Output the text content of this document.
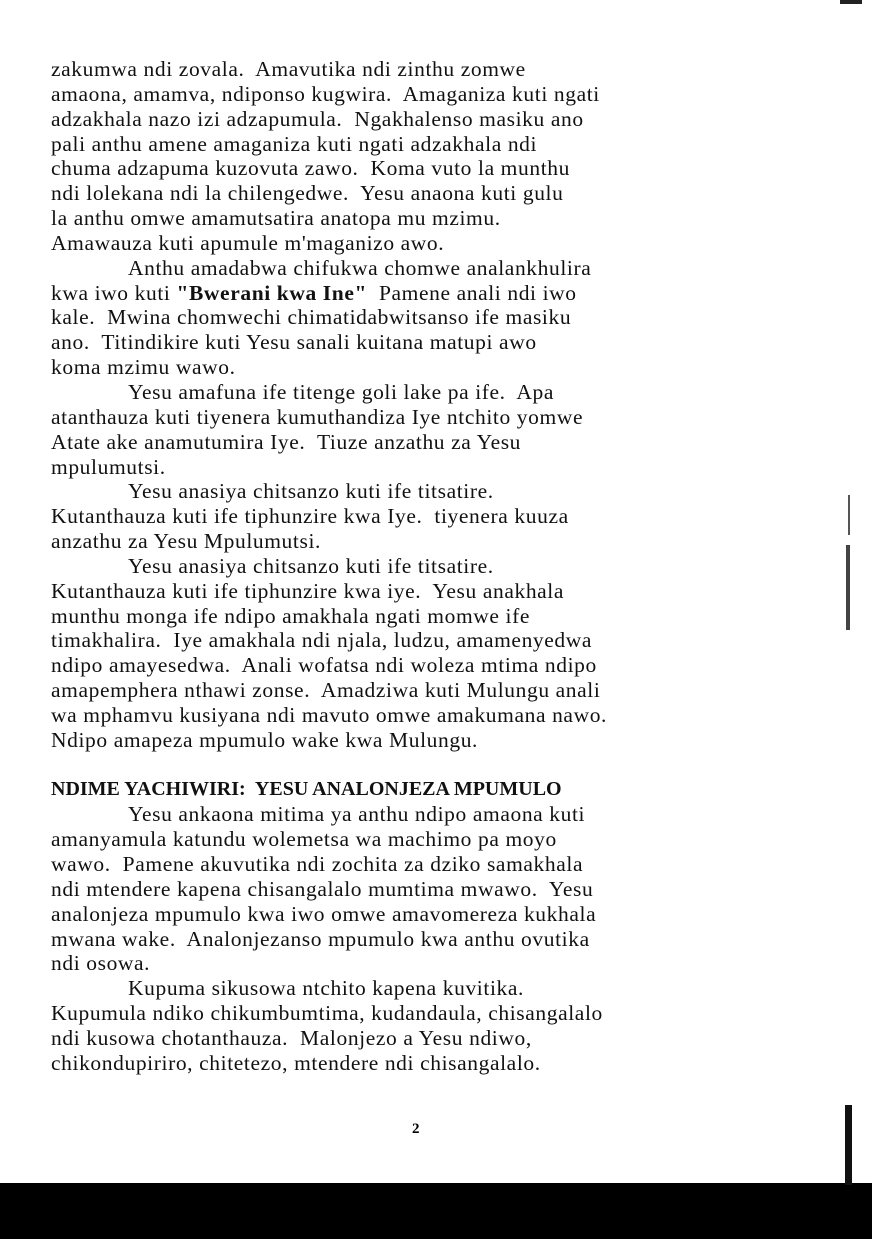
zakumwa ndi zovala.  Amavutika ndi zinthu zomwe
amaona, amamva, ndiponso kugwira.  Amaganiza kuti ngati
adzakhala nazo izi adzapumula.  Ngakhalenso masiku ano
pali anthu amene amaganiza kuti ngati adzakhala ndi
chuma adzapuma kuzovuta zawo.  Koma vuto la munthu
ndi lolekana ndi la chilengedwe.  Yesu anaona kuti gulu
la anthu omwe amamutsatira anatopa mu mzimu.
Amawauza kuti apumule m'maganizo awo.
Anthu amadabwa chifukwa chomwe analankhulira
kwa iwo kuti "Bwerani kwa Ine"  Pamene anali ndi iwo
kale.  Mwina chomwechi chimatidabwitsanso ife masiku
ano.  Titindikire kuti Yesu sanali kuitana matupi awo
koma mzimu wawo.
Yesu amafuna ife titenge goli lake pa ife.  Apa
atanthauza kuti tiyenera kumuthandiza Iye ntchito yomwe
Atate ake anamutumira Iye.  Tiuze anzathu za Yesu
mpulumutsi.
Yesu anasiya chitsanzo kuti ife titsatire.
Kutanthauza kuti ife tiphunzire kwa Iye.  tiyenera kuuza
anzathu za Yesu Mpulumutsi.
Yesu anasiya chitsanzo kuti ife titsatire.
Kutanthauza kuti ife tiphunzire kwa iye.  Yesu anakhala
munthu monga ife ndipo amakhala ngati momwe ife
timakhalira.  Iye amakhala ndi njala, ludzu, amamenyedwa
ndipo amayesedwa.  Anali wofatsa ndi woleza mtima ndipo
amapemphera nthawi zonse.  Amadziwa kuti Mulungu anali
wa mphamvu kusiyana ndi mavuto omwe amakumana nawo.
Ndipo amapeza mpumulo wake kwa Mulungu.
NDIME YACHIWIRI:  YESU ANALONJEZA MPUMULO
Yesu ankaona mitima ya anthu ndipo amaona kuti
amanyamula katundu wolemetsa wa machimo pa moyo
wawo.  Pamene akuvutika ndi zochita za dziko samakhala
ndi mtendere kapena chisangalalo mumtima mwawo.  Yesu
analonjeza mpumulo kwa iwo omwe amavomereza kukhala
mwana wake.  Analonjezanso mpumulo kwa anthu ovutika
ndi osowa.
Kupuma sikusowa ntchito kapena kuvitika.
Kupumula ndiko chikumbumtima, kudandaula, chisangalalo
ndi kusowa chotanthauza.  Malonjezo a Yesu ndiwo,
chikondupiriro, chitetezo, mtendere ndi chisangalalo.
2
